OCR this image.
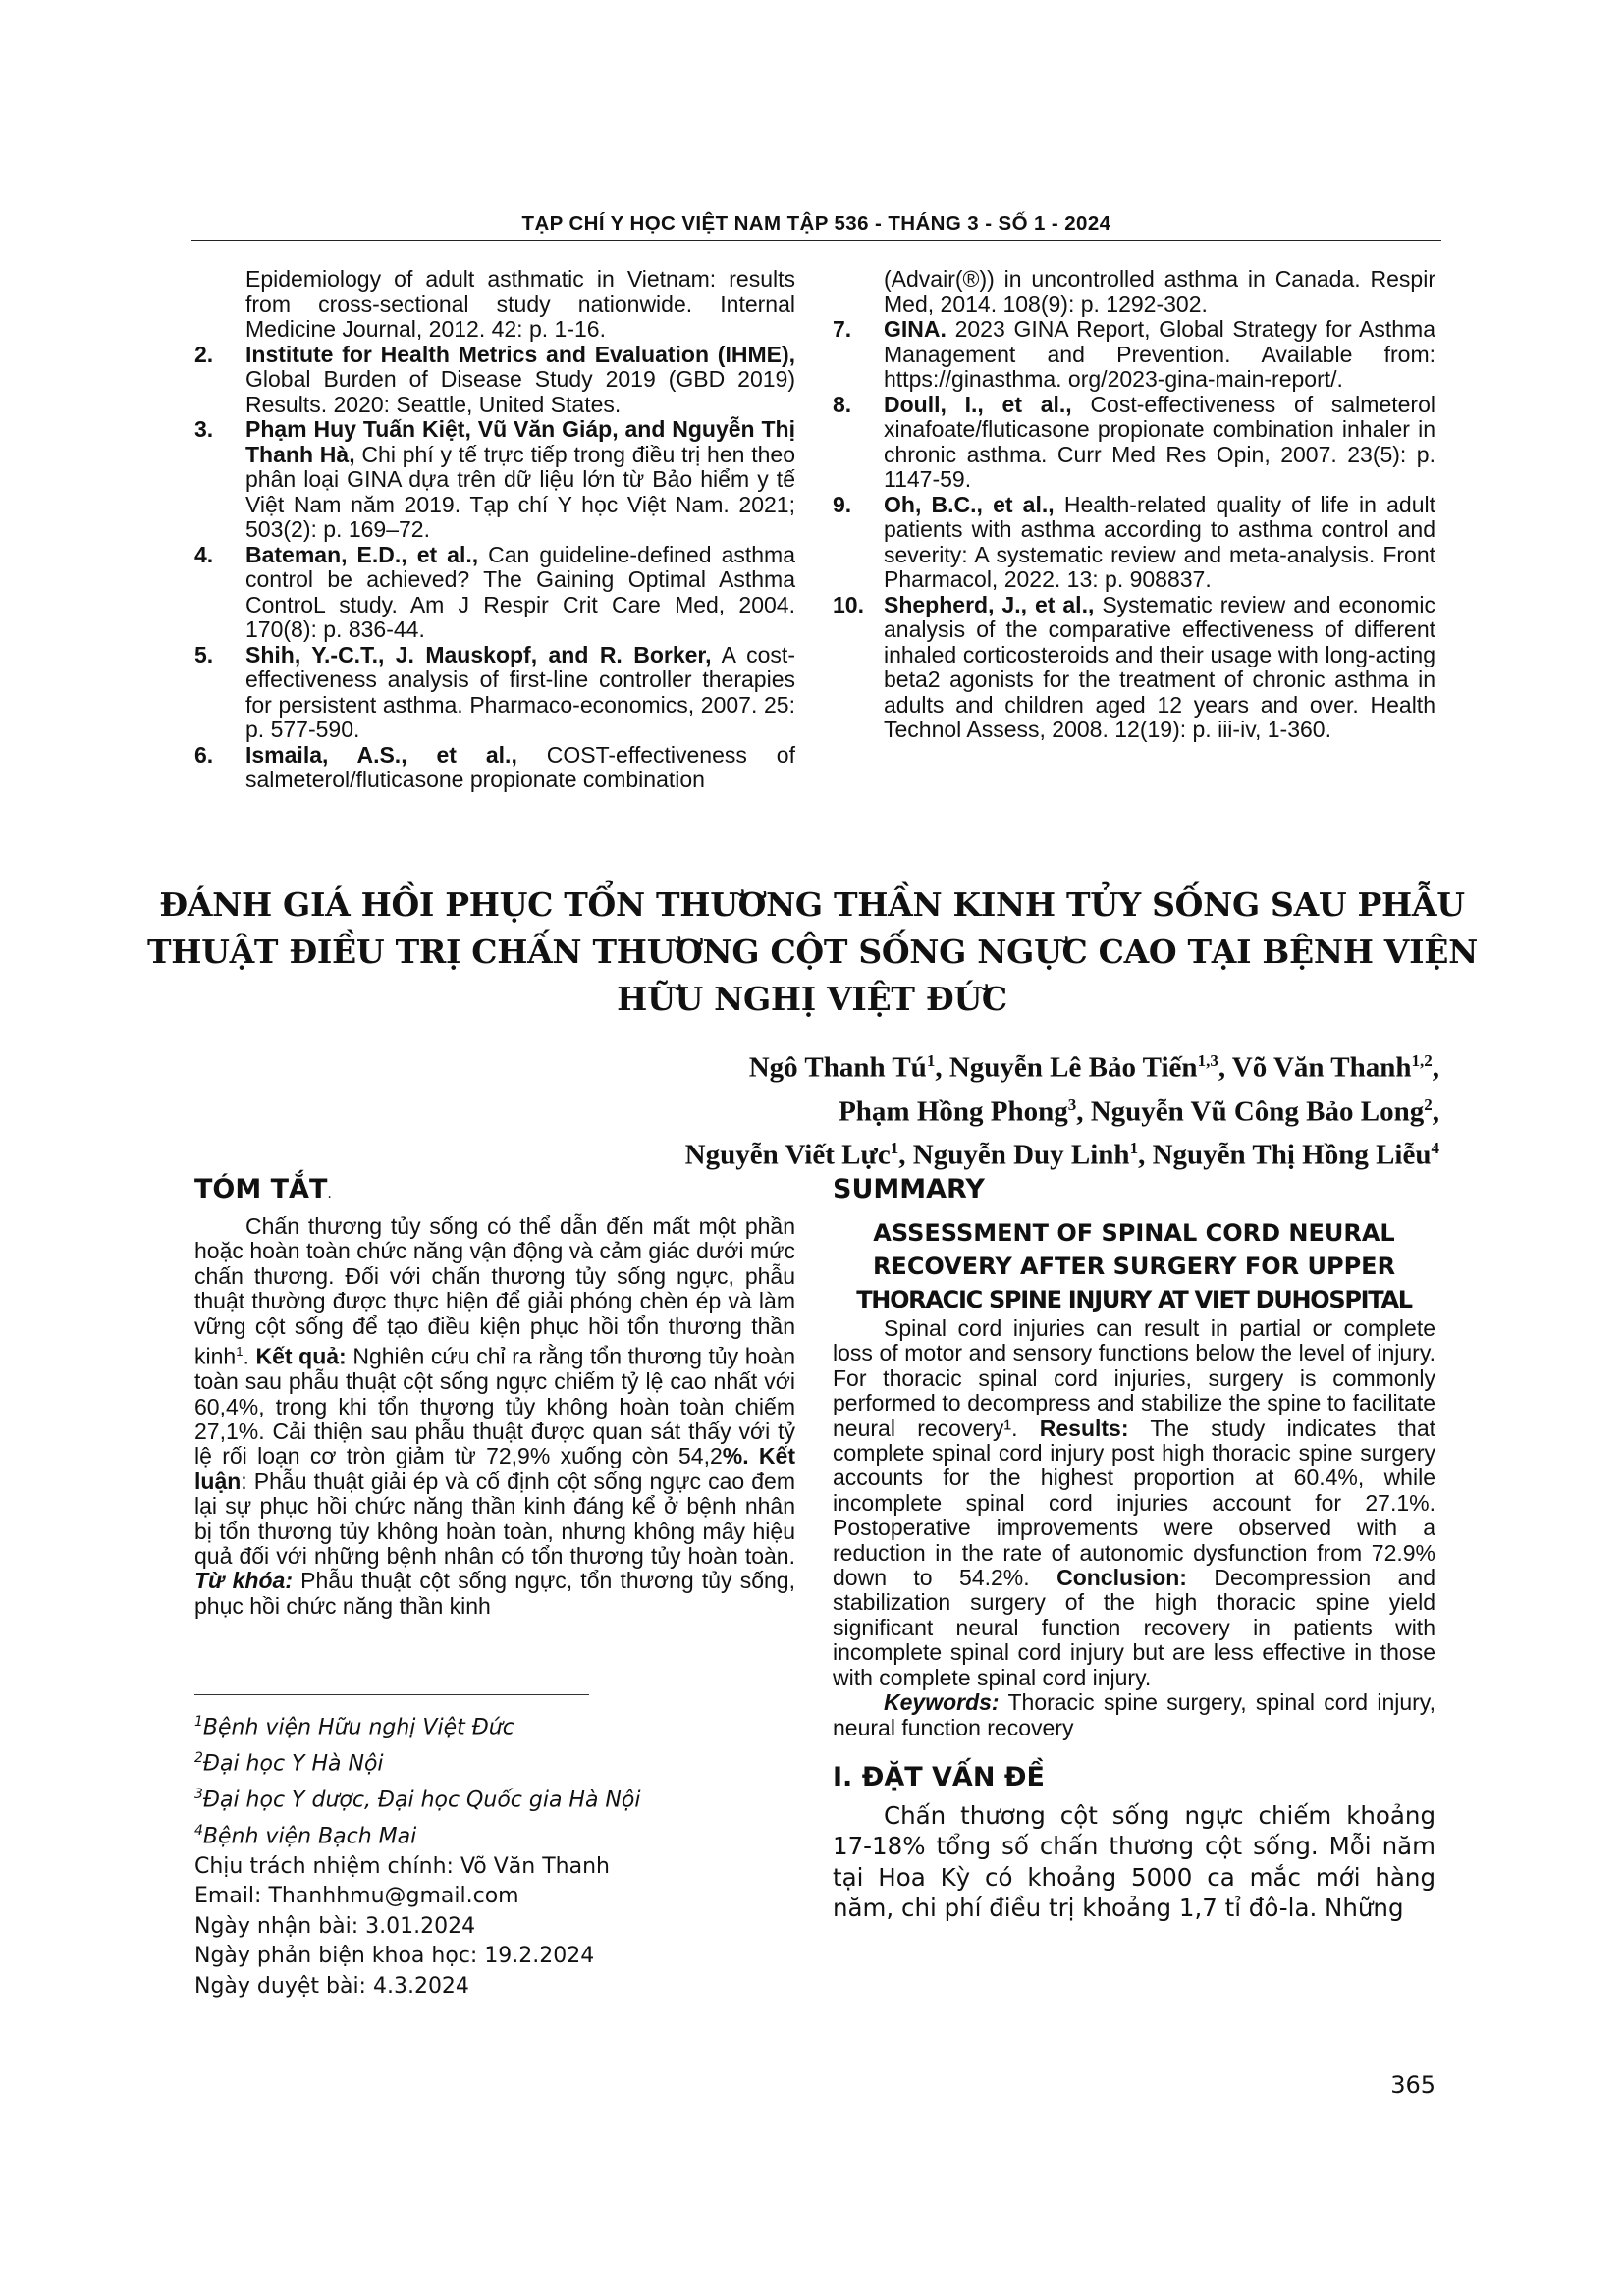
TẠP CHÍ Y HỌC VIỆT NAM TẬP 536 - THÁNG 3 - SỐ 1 - 2024
Epidemiology of adult asthmatic in Vietnam: results from cross-sectional study nationwide. Internal Medicine Journal, 2012. 42: p. 1-16.
2. Institute for Health Metrics and Evaluation (IHME), Global Burden of Disease Study 2019 (GBD 2019) Results. 2020: Seattle, United States.
3. Phạm Huy Tuấn Kiệt, Vũ Văn Giáp, and Nguyễn Thị Thanh Hà, Chi phí y tế trực tiếp trong điều trị hen theo phân loại GINA dựa trên dữ liệu lớn từ Bảo hiểm y tế Việt Nam năm 2019. Tạp chí Y học Việt Nam. 2021; 503(2): p. 169–72.
4. Bateman, E.D., et al., Can guideline-defined asthma control be achieved? The Gaining Optimal Asthma ControL study. Am J Respir Crit Care Med, 2004. 170(8): p. 836-44.
5. Shih, Y.-C.T., J. Mauskopf, and R. Borker, A cost-effectiveness analysis of first-line controller therapies for persistent asthma. Pharmaco-economics, 2007. 25: p. 577-590.
6. Ismaila, A.S., et al., COST-effectiveness of salmeterol/fluticasone propionate combination
(Advair(®)) in uncontrolled asthma in Canada. Respir Med, 2014. 108(9): p. 1292-302.
7. GINA. 2023 GINA Report, Global Strategy for Asthma Management and Prevention. Available from: https://ginasthma. org/2023-gina-main-report/.
8. Doull, I., et al., Cost-effectiveness of salmeterol xinafoate/fluticasone propionate combination inhaler in chronic asthma. Curr Med Res Opin, 2007. 23(5): p. 1147-59.
9. Oh, B.C., et al., Health-related quality of life in adult patients with asthma according to asthma control and severity: A systematic review and meta-analysis. Front Pharmacol, 2022. 13: p. 908837.
10. Shepherd, J., et al., Systematic review and economic analysis of the comparative effectiveness of different inhaled corticosteroids and their usage with long-acting beta2 agonists for the treatment of chronic asthma in adults and children aged 12 years and over. Health Technol Assess, 2008. 12(19): p. iii-iv, 1-360.
ĐÁNH GIÁ HỒI PHỤC TỔN THƯƠNG THẦN KINH TỦY SỐNG SAU PHẪU
THUẬT ĐIỀU TRỊ CHẤN THƯƠNG CỘT SỐNG NGỰC CAO TẠI BỆNH VIỆN
HỮU NGHỊ VIỆT ĐỨC
Ngô Thanh $Tú^1$, Nguyễn Lê Bảo Tiến$^{1,3}$, Võ Văn Thanh$^{1,2}$,
Phạm Hồng Phong$^3$, Nguyễn Vũ Công Bảo Long$^2$,
Nguyễn Viết Lực$^1$, Nguyễn Duy Linh$^1$, Nguyễn Thị Hồng Liễu$^4$
TÓM TẮT.
Chấn thương tủy sống có thể dẫn đến mất một phần hoặc hoàn toàn chức năng vận động và cảm giác dưới mức chấn thương. Đối với chấn thương tủy sống ngực, phẫu thuật thường được thực hiện để giải phóng chèn ép và làm vững cột sống để tạo điều kiện phục hồi tổn thương thần kinh$^1$. Kết quả: Nghiên cứu chỉ ra rằng tổn thương tủy hoàn toàn sau phẫu thuật cột sống ngực chiếm tỷ lệ cao nhất với 60,4%, trong khi tổn thương tủy không hoàn toàn chiếm 27,1%. Cải thiện sau phẫu thuật được quan sát thấy với tỷ lệ rối loạn cơ tròn giảm từ 72,9% xuống còn 54,2%. Kết luận: Phẫu thuật giải ép và cố định cột sống ngực cao đem lại sự phục hồi chức năng thần kinh đáng kể ở bệnh nhân bị tổn thương tủy không hoàn toàn, nhưng không mấy hiệu quả đối với những bệnh nhân có tổn thương tủy hoàn toàn. Từ khóa: Phẫu thuật cột sống ngực, tổn thương tủy sống, phục hồi chức năng thần kinh
$^1$Bệnh viện Hữu nghị Việt Đức
$^2$Đại học Y Hà Nội
$^3$Đại học Y dược, Đại học Quốc gia Hà Nội
$^4$Bệnh viện Bạch Mai
Chịu trách nhiệm chính: Võ Văn Thanh
Email: Thanhhmu@gmail.com
Ngày nhận bài: 3.01.2024
Ngày phản biện khoa học: 19.2.2024
Ngày duyệt bài: 4.3.2024
SUMMARY
ASSESSMENT OF SPINAL CORD NEURAL
RECOVERY AFTER SURGERY FOR UPPER
THORACIC SPINE INJURY AT VIET DUHOSPITAL
Spinal cord injuries can result in partial or complete loss of motor and sensory functions below the level of injury. For thoracic spinal cord injuries, surgery is commonly performed to decompress and stabilize the spine to facilitate neural recovery¹. Results: The study indicates that complete spinal cord injury post high thoracic spine surgery accounts for the highest proportion at 60.4%, while incomplete spinal cord injuries account for 27.1%. Postoperative improvements were observed with a reduction in the rate of autonomic dysfunction from 72.9% down to 54.2%. Conclusion: Decompression and stabilization surgery of the high thoracic spine yield significant neural function recovery in patients with incomplete spinal cord injury but are less effective in those with complete spinal cord injury.
Keywords: Thoracic spine surgery, spinal cord injury, neural function recovery
I. ĐẶT VẤN ĐỀ
Chấn thương cột sống ngực chiếm khoảng 17-18% tổng số chấn thương cột sống. Mỗi năm tại Hoa Kỳ có khoảng 5000 ca mắc mới hàng năm, chi phí điều trị khoảng 1,7 tỉ đô-la. Những
365
